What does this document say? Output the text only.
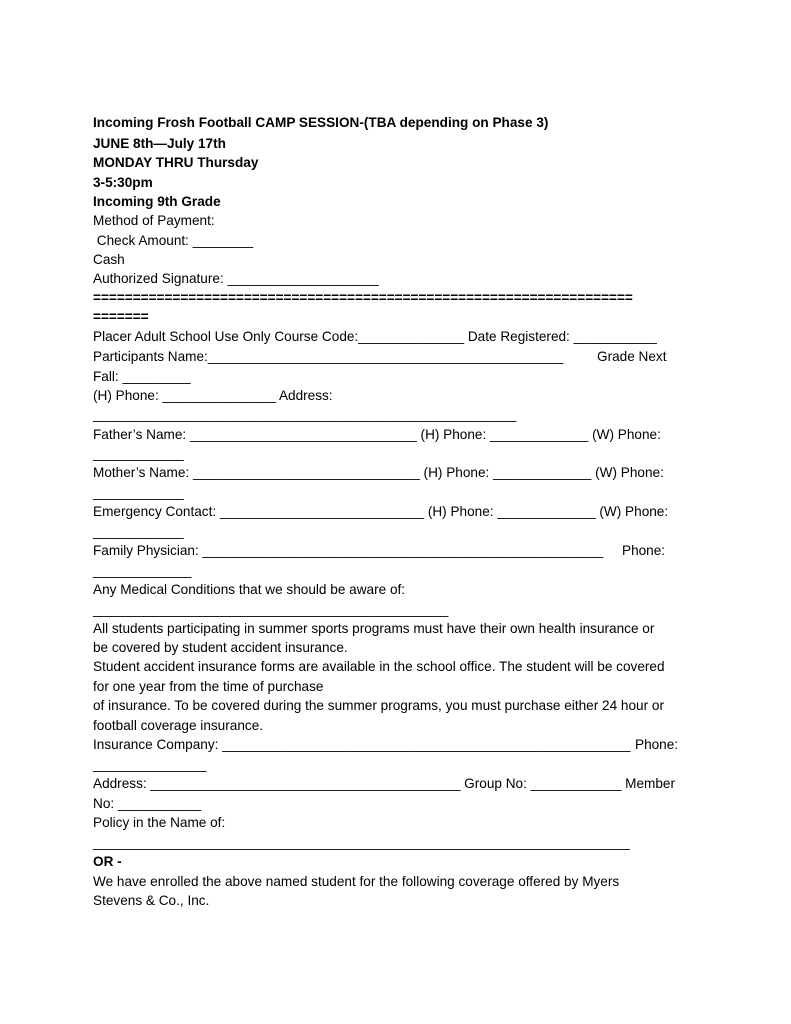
Incoming Frosh Football CAMP SESSION-(TBA depending on Phase 3)
JUNE 8th—July 17th
MONDAY THRU Thursday
3-5:30pm
Incoming 9th Grade
Method of Payment:
Check Amount: ________
Cash
Authorized Signature: ____________________
====================================================================
=======
Placer Adult School Use Only Course Code:______________ Date Registered: ___________
Participants Name:_______________________________________________ Grade Next
Fall: _________
(H) Phone: _______________ Address:
________________________________________________________
Father’s Name: ______________________________ (H) Phone: _____________ (W) Phone:
____________
Mother’s Name: ______________________________ (H) Phone: _____________ (W) Phone:
____________
Emergency Contact: ___________________________ (H) Phone: _____________ (W) Phone:
____________
Family Physician: _____________________________________________________ Phone:
_____________
Any Medical Conditions that we should be aware of:
_______________________________________________
All students participating in summer sports programs must have their own health insurance or
be covered by student accident insurance.
Student accident insurance forms are available in the school office. The student will be covered
for one year from the time of purchase
of insurance. To be covered during the summer programs, you must purchase either 24 hour or
football coverage insurance.
Insurance Company: ______________________________________________________ Phone:
_______________
Address: _________________________________________ Group No: ____________ Member
No: ___________
Policy in the Name of:
_______________________________________________________________________
OR -
We have enrolled the above named student for the following coverage offered by Myers
Stevens & Co., Inc.
